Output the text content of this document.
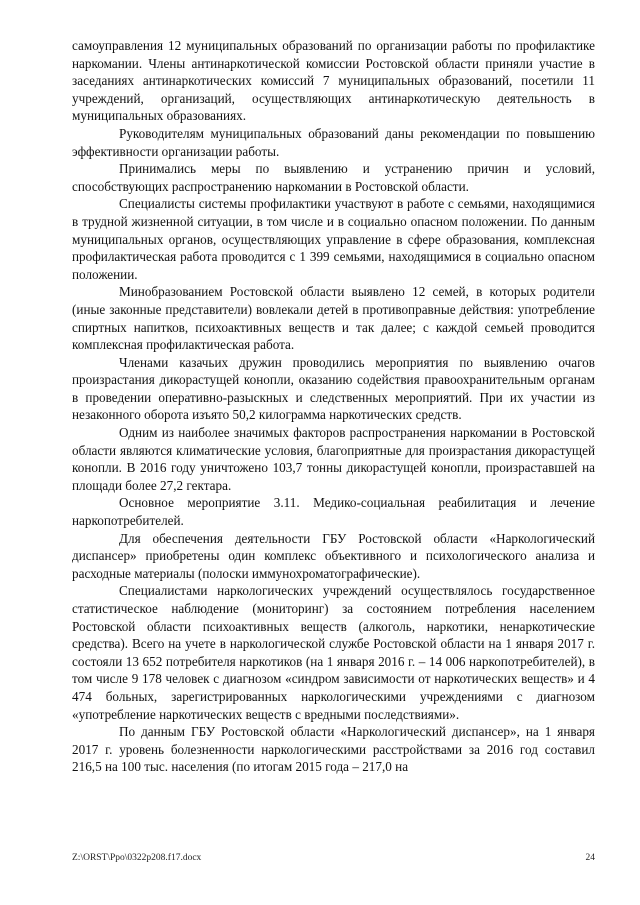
самоуправления 12 муниципальных образований по организации работы по профилактике наркомании. Члены антинаркотической комиссии Ростовской области приняли участие в заседаниях антинаркотических комиссий 7 муниципальных образований, посетили 11 учреждений, организаций, осуществляющих антинаркотическую деятельность в муниципальных образованиях.

Руководителям муниципальных образований даны рекомендации по повышению эффективности организации работы.

Принимались меры по выявлению и устранению причин и условий, способствующих распространению наркомании в Ростовской области.

Специалисты системы профилактики участвуют в работе с семьями, находящимися в трудной жизненной ситуации, в том числе и в социально опасном положении. По данным муниципальных органов, осуществляющих управление в сфере образования, комплексная профилактическая работа проводится с 1 399 семьями, находящимися в социально опасном положении.

Минобразованием Ростовской области выявлено 12 семей, в которых родители (иные законные представители) вовлекали детей в противоправные действия: употребление спиртных напитков, психоактивных веществ и так далее; с каждой семьей проводится комплексная профилактическая работа.

Членами казачьих дружин проводились мероприятия по выявлению очагов произрастания дикорастущей конопли, оказанию содействия правоохранительным органам в проведении оперативно-разыскных и следственных мероприятий. При их участии из незаконного оборота изъято 50,2 килограмма наркотических средств.

Одним из наиболее значимых факторов распространения наркомании в Ростовской области являются климатические условия, благоприятные для произрастания дикорастущей конопли. В 2016 году уничтожено 103,7 тонны дикорастущей конопли, произраставшей на площади более 27,2 гектара.

Основное мероприятие 3.11. Медико-социальная реабилитация и лечение наркопотребителей.

Для обеспечения деятельности ГБУ Ростовской области «Наркологический диспансер» приобретены один комплекс объективного и психологического анализа и расходные материалы (полоски иммунохроматографические).

Специалистами наркологических учреждений осуществлялось государственное статистическое наблюдение (мониторинг) за состоянием потребления населением Ростовской области психоактивных веществ (алкоголь, наркотики, ненаркотические средства). Всего на учете в наркологической службе Ростовской области на 1 января 2017 г. состояли 13 652 потребителя наркотиков (на 1 января 2016 г. – 14 006 наркопотребителей), в том числе 9 178 человек с диагнозом «синдром зависимости от наркотических веществ» и 4 474 больных, зарегистрированных наркологическими учреждениями с диагнозом «употребление наркотических веществ с вредными последствиями».

По данным ГБУ Ростовской области «Наркологический диспансер», на 1 января 2017 г. уровень болезненности наркологическими расстройствами за 2016 год составил 216,5 на 100 тыс. населения (по итогам 2015 года – 217,0 на

Z:\ORST\Ppo\0322p208.f17.docx	24
